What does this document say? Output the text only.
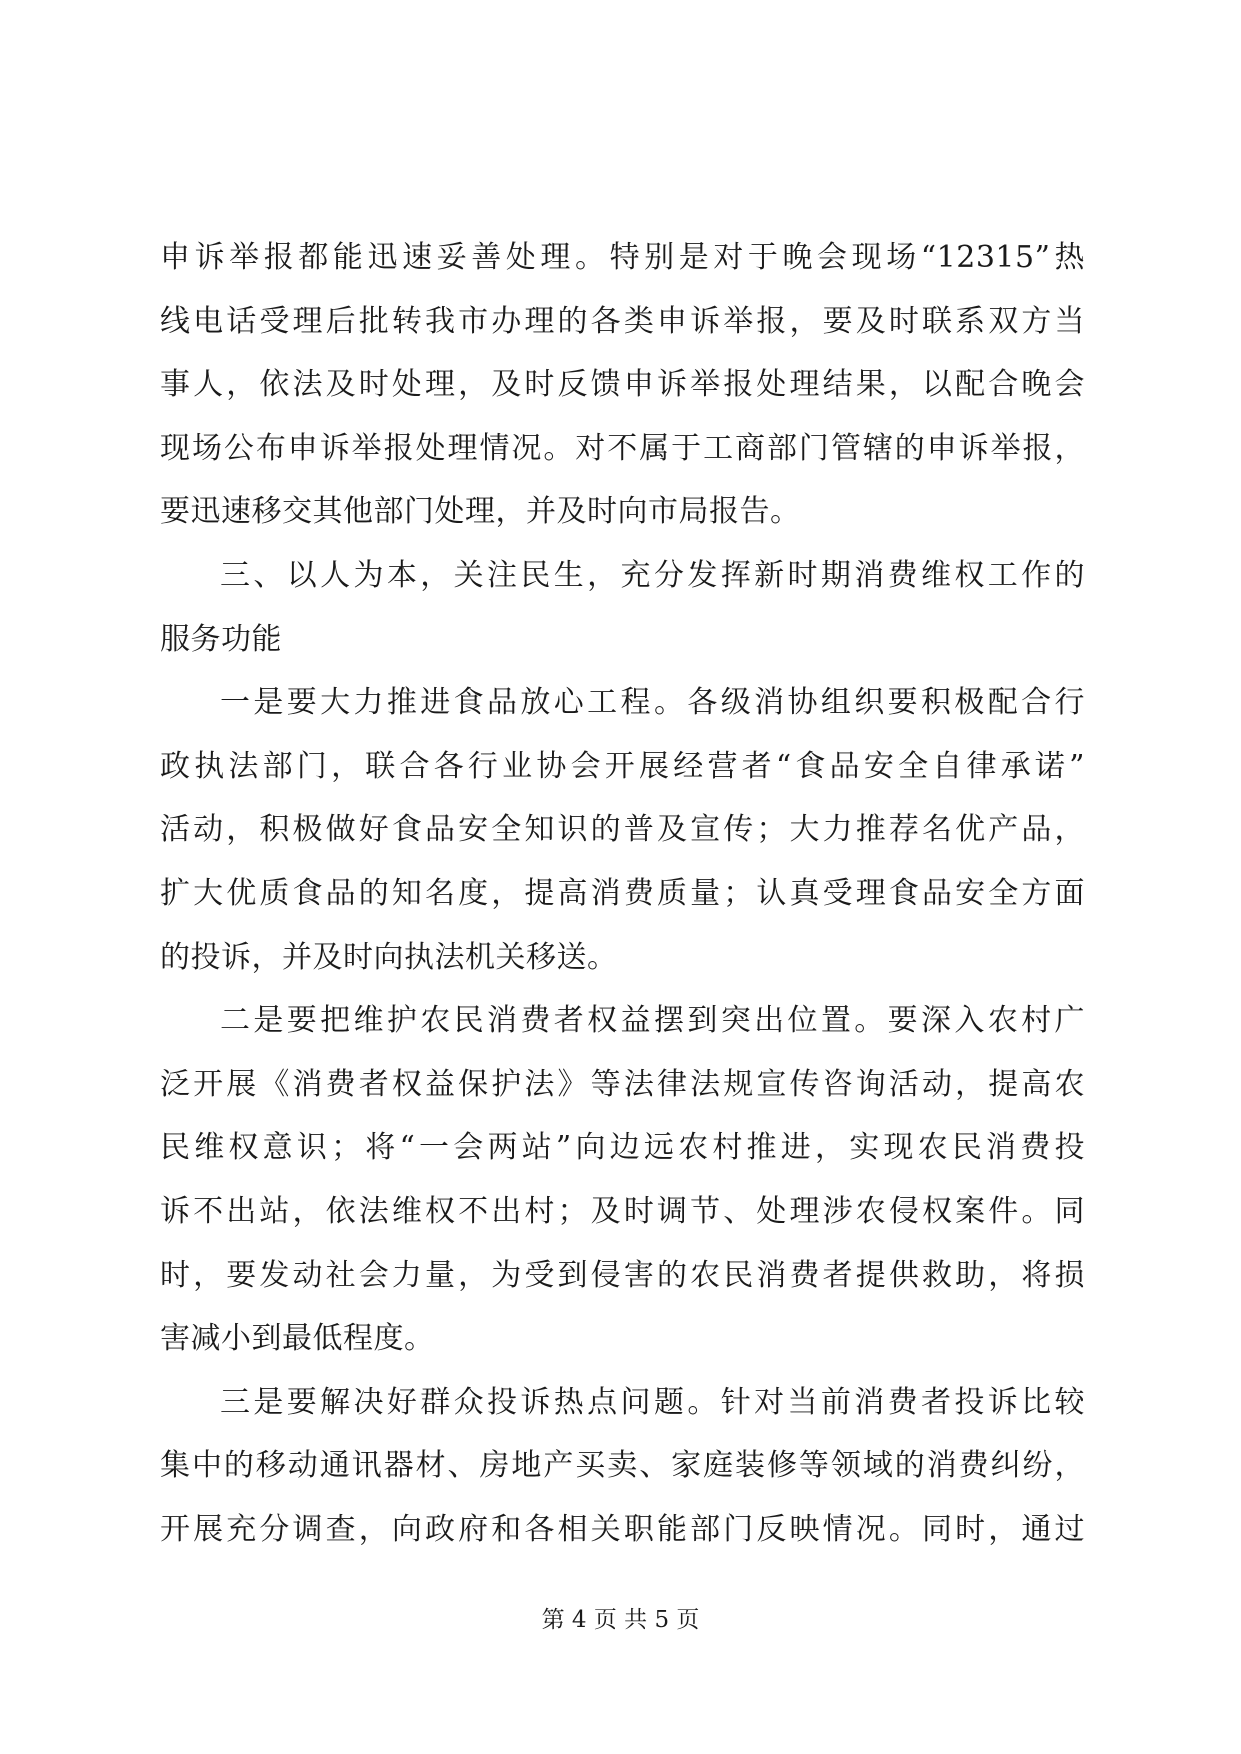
申诉举报都能迅速妥善处理。特别是对于晚会现场“12315”热
线电话受理后批转我市办理的各类申诉举报，要及时联系双方当
事人，依法及时处理，及时反馈申诉举报处理结果，以配合晚会
现场公布申诉举报处理情况。对不属于工商部门管辖的申诉举报，
要迅速移交其他部门处理，并及时向市局报告。
三、以人为本，关注民生，充分发挥新时期消费维权工作的
服务功能
一是要大力推进食品放心工程。各级消协组织要积极配合行
政执法部门，联合各行业协会开展经营者“食品安全自律承诺”
活动，积极做好食品安全知识的普及宣传；大力推荐名优产品，
扩大优质食品的知名度，提高消费质量；认真受理食品安全方面
的投诉，并及时向执法机关移送。
二是要把维护农民消费者权益摆到突出位置。要深入农村广
泛开展《消费者权益保护法》等法律法规宣传咨询活动，提高农
民维权意识；将“一会两站”向边远农村推进，实现农民消费投
诉不出站，依法维权不出村；及时调节、处理涉农侵权案件。同
时，要发动社会力量，为受到侵害的农民消费者提供救助，将损
害减小到最低程度。
三是要解决好群众投诉热点问题。针对当前消费者投诉比较
集中的移动通讯器材、房地产买卖、家庭装修等领域的消费纠纷，
开展充分调查，向政府和各相关职能部门反映情况。同时，通过
第 4 页 共 5 页
